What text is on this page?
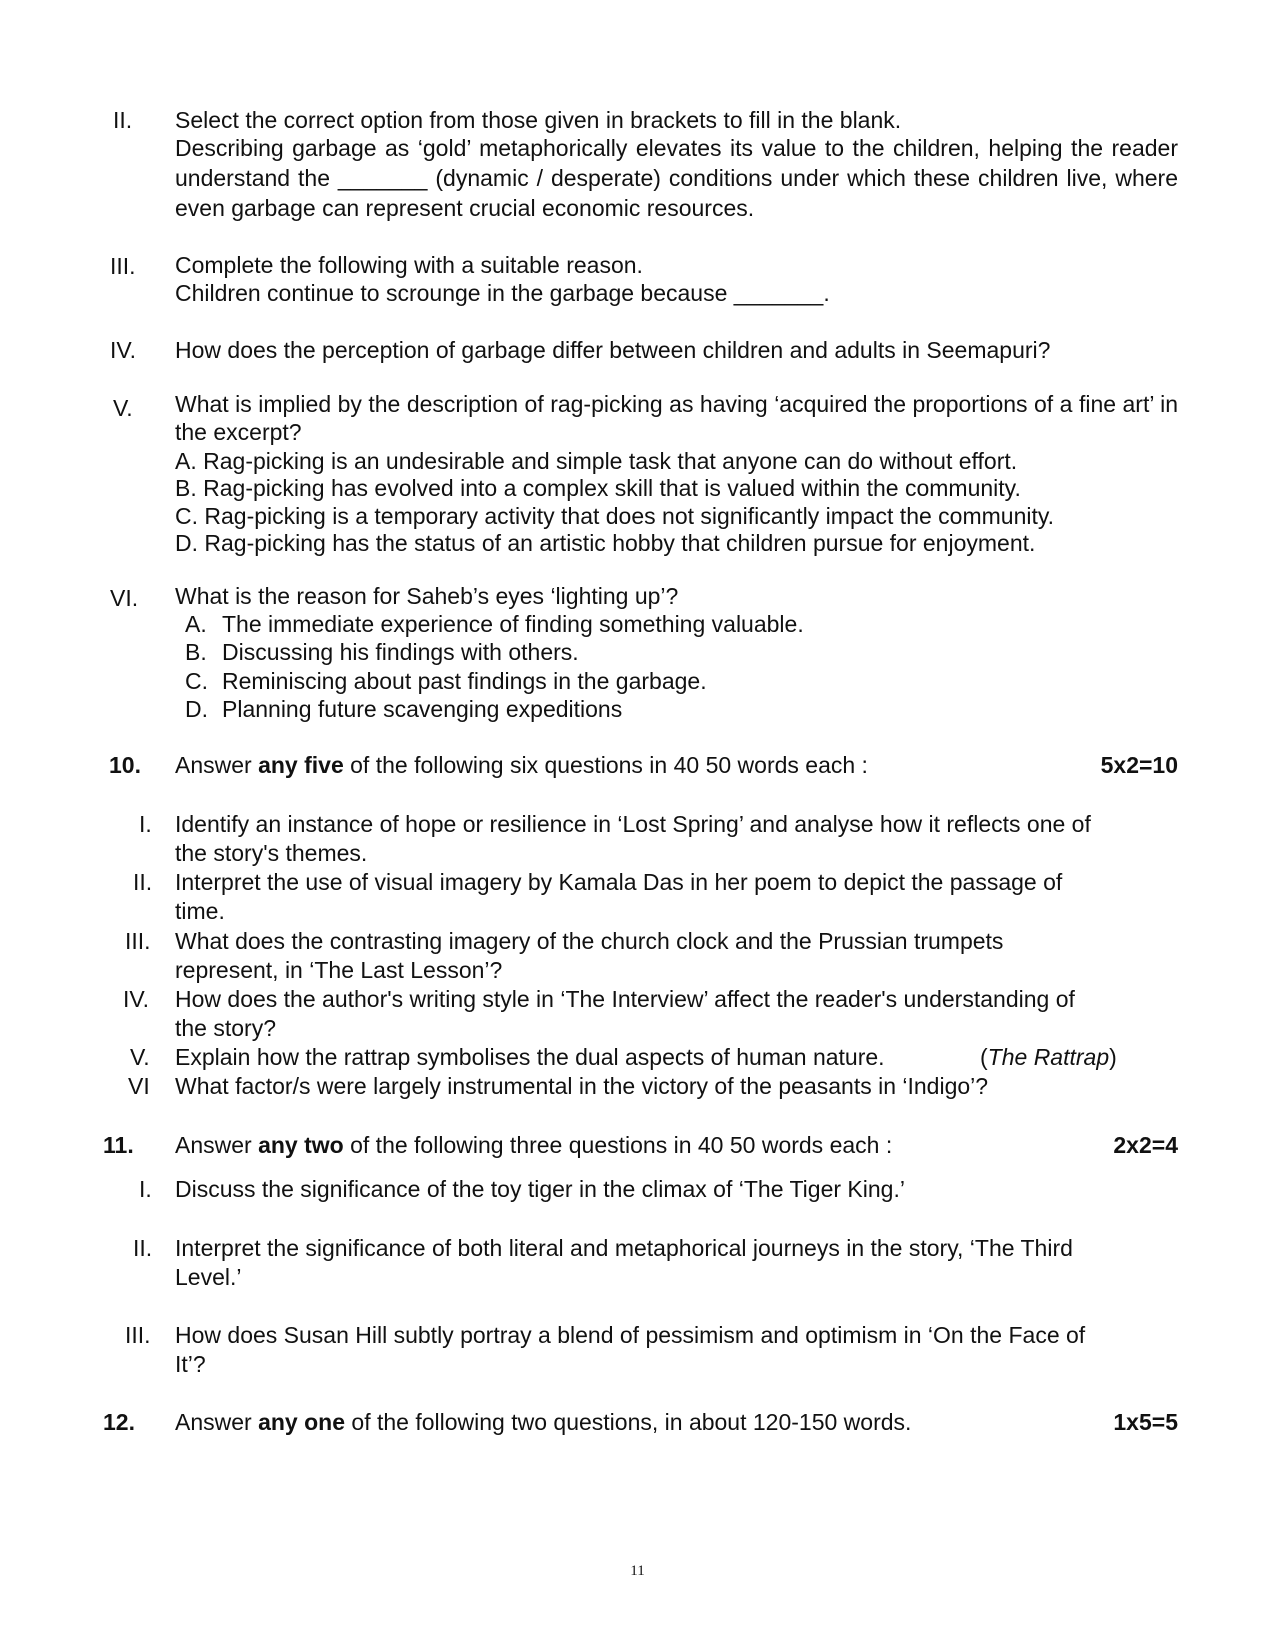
II. Select the correct option from those given in brackets to fill in the blank.
Describing garbage as ‘gold’ metaphorically elevates its value to the children, helping the reader understand the _______ (dynamic / desperate) conditions under which these children live, where even garbage can represent crucial economic resources.
III. Complete the following with a suitable reason.
Children continue to scrounge in the garbage because _______.
IV. How does the perception of garbage differ between children and adults in Seemapuri?
V. What is implied by the description of rag-picking as having ‘acquired the proportions of a fine art’ in the excerpt?
A. Rag-picking is an undesirable and simple task that anyone can do without effort.
B. Rag-picking has evolved into a complex skill that is valued within the community.
C. Rag-picking is a temporary activity that does not significantly impact the community.
D. Rag-picking has the status of an artistic hobby that children pursue for enjoyment.
VI. What is the reason for Saheb’s eyes ‘lighting up’?
A. The immediate experience of finding something valuable.
B. Discussing his findings with others.
C. Reminiscing about past findings in the garbage.
D. Planning future scavenging expeditions
10. Answer any five of the following six questions in 40 50 words each :	5x2=10
I. Identify an instance of hope or resilience in ‘Lost Spring’ and analyse how it reflects one of
the story's themes.
II. Interpret the use of visual imagery by Kamala Das in her poem to depict the passage of
time.
III. What does the contrasting imagery of the church clock and the Prussian trumpets
represent, in ‘The Last Lesson’?
IV. How does the author's writing style in ‘The Interview’ affect the reader's understanding of
the story?
V. Explain how the rattrap symbolises the dual aspects of human nature.	(The Rattrap)
VI What factor/s were largely instrumental in the victory of the peasants in ‘Indigo’?
11. Answer any two of the following three questions in 40 50 words each :	2x2=4
I. Discuss the significance of the toy tiger in the climax of ‘The Tiger King.’
II. Interpret the significance of both literal and metaphorical journeys in the story, ‘The Third
Level.’
III. How does Susan Hill subtly portray a blend of pessimism and optimism in ‘On the Face of
It’?
12. Answer any one of the following two questions, in about 120-150 words.	1x5=5
11
